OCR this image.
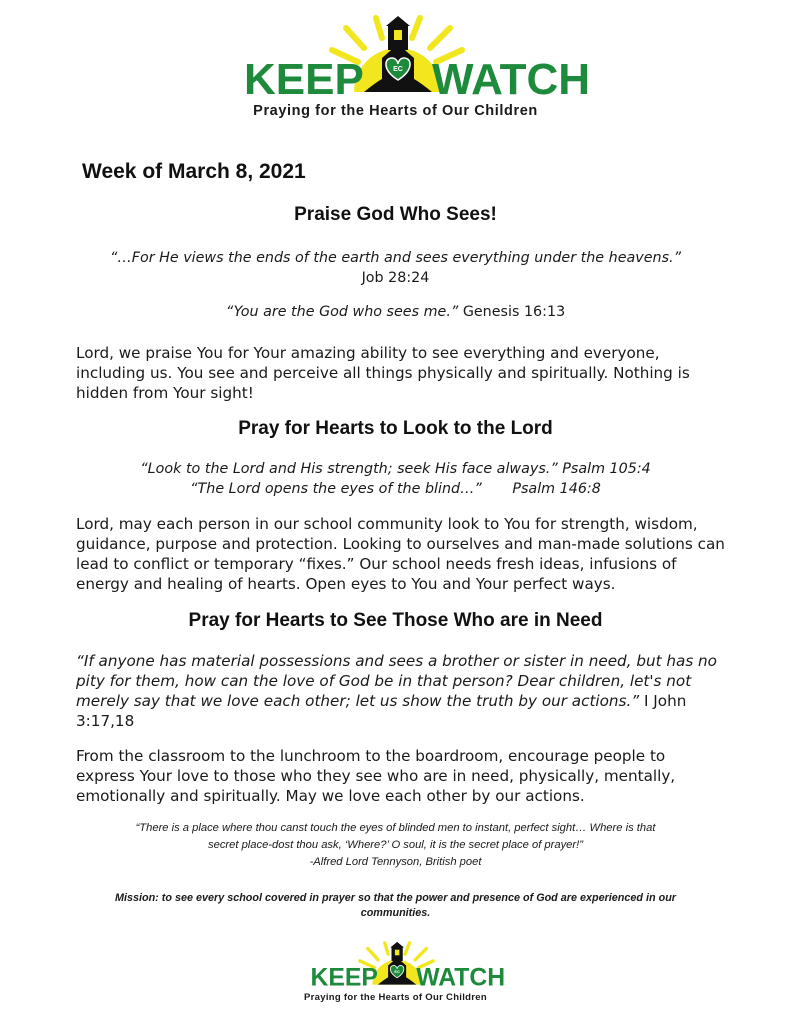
KEEP WATCH
EC
Praying for the Hearts of Our Children
Week of March 8, 2021
Praise God Who Sees!
“…For He views the ends of the earth and sees everything under the heavens.”
Job 28:24
“You are the God who sees me.” Genesis 16:13
Lord, we praise You for Your amazing ability to see everything and everyone, including us. You see and perceive all things physically and spiritually. Nothing is hidden from Your sight!
Pray for Hearts to Look to the Lord
“Look to the Lord and His strength; seek His face always.” Psalm 105:4
“The Lord opens the eyes of the blind…” Psalm 146:8
Lord, may each person in our school community look to You for strength, wisdom, guidance, purpose and protection. Looking to ourselves and man-made solutions can lead to conflict or temporary “fixes.” Our school needs fresh ideas, infusions of energy and healing of hearts. Open eyes to You and Your perfect ways.
Pray for Hearts to See Those Who are in Need
“If anyone has material possessions and sees a brother or sister in need, but has no pity for them, how can the love of God be in that person? Dear children, let's not merely say that we love each other; let us show the truth by our actions.” I John 3:17,18
From the classroom to the lunchroom to the boardroom, encourage people to express Your love to those who they see who are in need, physically, mentally, emotionally and spiritually. May we love each other by our actions.
“There is a place where thou canst touch the eyes of blinded men to instant, perfect sight… Where is that
secret place-dost thou ask, ‘Where?’ O soul, it is the secret place of prayer!”
-Alfred Lord Tennyson, British poet
Mission: to see every school covered in prayer so that the power and presence of God are experienced in our communities.
KEEP WATCH
EC
Praying for the Hearts of Our Children
